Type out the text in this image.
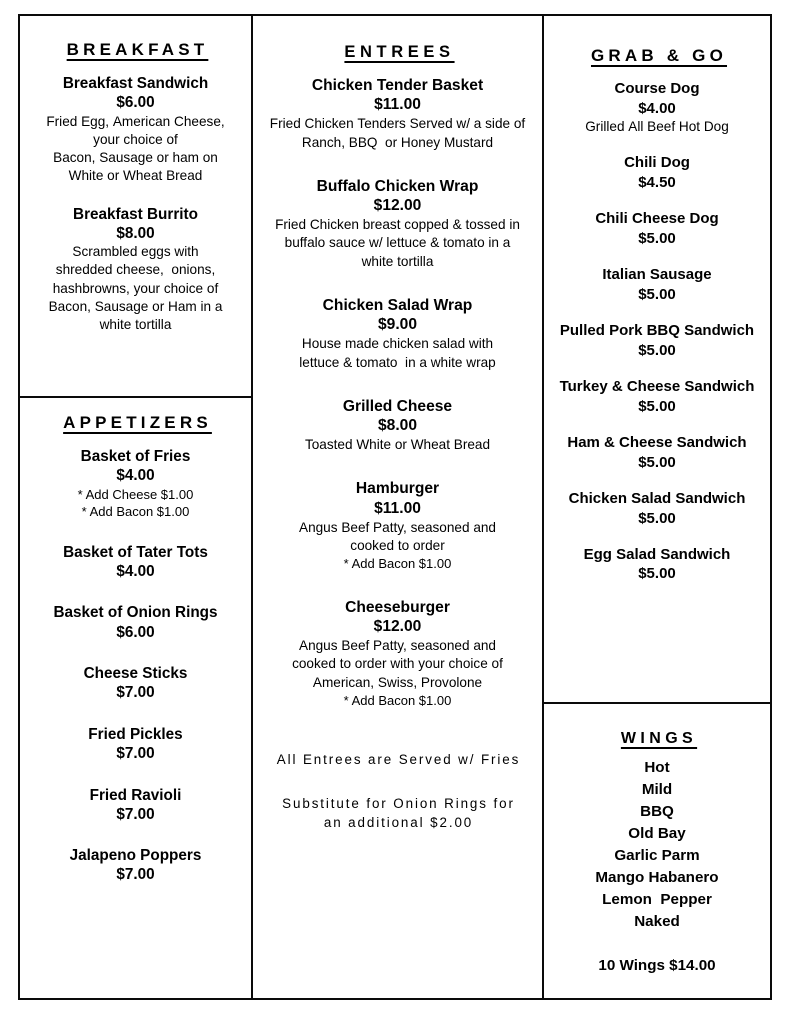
BREAKFAST
Breakfast Sandwich
$6.00
Fried Egg, American Cheese,
your choice of
Bacon, Sausage or ham on
White or Wheat Bread
Breakfast Burrito
$8.00
Scrambled eggs with
shredded cheese,  onions,
hashbrowns, your choice of
Bacon, Sausage or Ham in a
white tortilla
APPETIZERS
Basket of Fries
$4.00
* Add Cheese $1.00
* Add Bacon $1.00
Basket of Tater Tots
$4.00
Basket of Onion Rings
$6.00
Cheese Sticks
$7.00
Fried Pickles
$7.00
Fried Ravioli
$7.00
Jalapeno Poppers
$7.00
ENTREES
Chicken Tender Basket
$11.00
Fried Chicken Tenders Served w/ a side of
Ranch, BBQ  or Honey Mustard
Buffalo Chicken Wrap
$12.00
Fried Chicken breast copped & tossed in
buffalo sauce w/ lettuce & tomato in a
white tortilla
Chicken Salad Wrap
$9.00
House made chicken salad with
lettuce & tomato  in a white wrap
Grilled Cheese
$8.00
Toasted White or Wheat Bread
Hamburger
$11.00
Angus Beef Patty, seasoned and
cooked to order
* Add Bacon $1.00
Cheeseburger
$12.00
Angus Beef Patty, seasoned and
cooked to order with your choice of
American, Swiss, Provolone
* Add Bacon $1.00
All Entrees are Served w/ Fries
Substitute for Onion Rings for
an additional $2.00
GRAB & GO
Course Dog
$4.00
Grilled All Beef Hot Dog
Chili Dog
$4.50
Chili Cheese Dog
$5.00
Italian Sausage
$5.00
Pulled Pork BBQ Sandwich
$5.00
Turkey & Cheese Sandwich
$5.00
Ham & Cheese Sandwich
$5.00
Chicken Salad Sandwich
$5.00
Egg Salad Sandwich
$5.00
WINGS
Hot
Mild
BBQ
Old Bay
Garlic Parm
Mango Habanero
Lemon  Pepper
Naked
10 Wings $14.00
